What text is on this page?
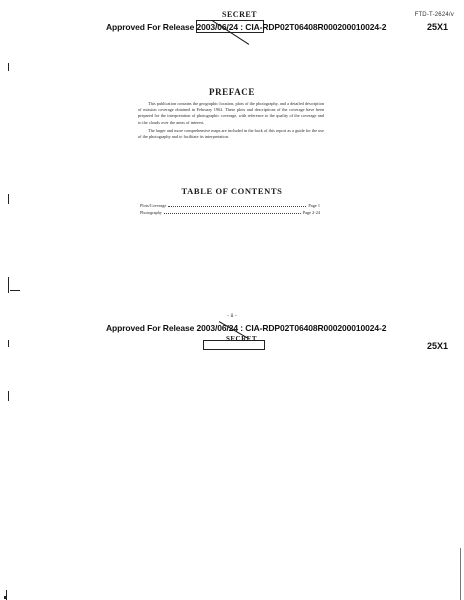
FTD-T-2624/v
SECRET
Approved For Release 2003/06/24 : CIA-RDP02T06408R000200010024-2	25X1
PREFACE

This publication contains the geographic location, plots of the photography, and a detailed description of mission coverage obtained in February 1962. These plots and descriptions of the coverage have been prepared for the interpretation of photographic coverage, with reference to the quality of the coverage and to the clouds over the areas of interest.

The larger and more comprehensive maps are included in the back of this report as a guide for the use of the photography and to facilitate its interpretation.

TABLE OF CONTENTS
Plots/Coverage	Page 1
Photography	Page 2-24
- ii -
Approved For Release 2003/06/24 : CIA-RDP02T06408R000200010024-2
SECRET
25X1
